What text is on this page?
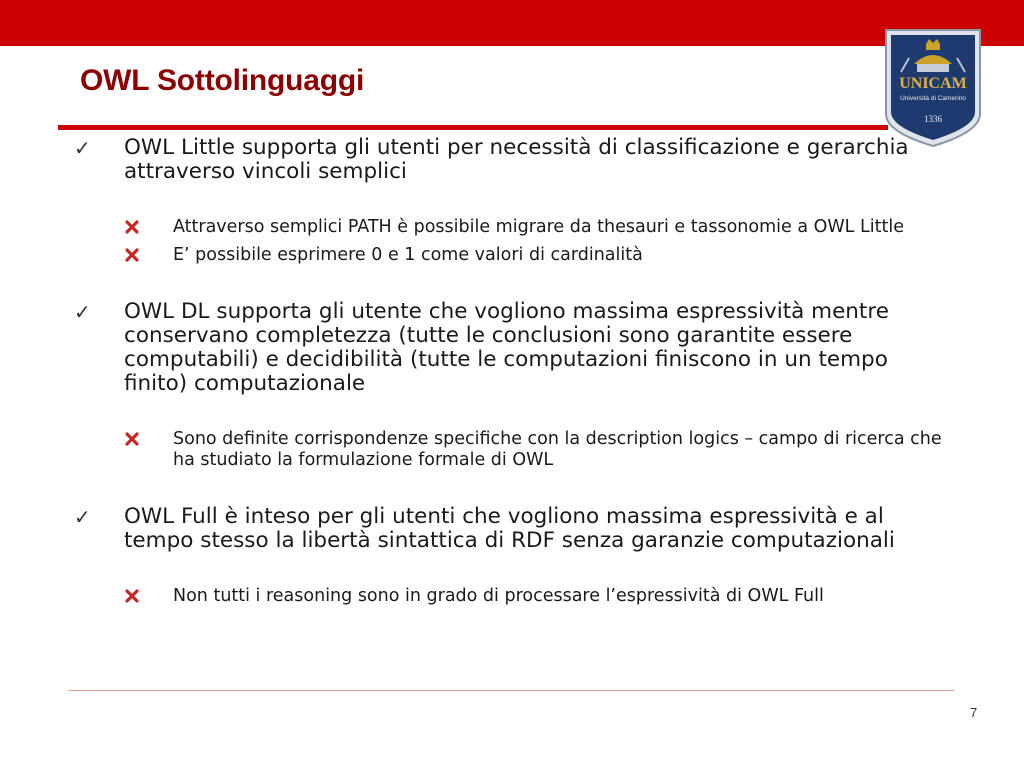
OWL Sottolinguaggi	UNICAM
Università di Camerino
1336
✓ OWL Little supporta gli utenti per necessità di classificazione e gerarchia attraverso vincoli semplici
Attraverso semplici PATH è possibile migrare da thesauri e tassonomie a OWL Little
E’ possibile esprimere 0 e 1 come valori di cardinalità
✓ OWL DL supporta gli utente che vogliono massima espressività mentre conservano completezza (tutte le conclusioni sono garantite essere computabili) e decidibilità (tutte le computazioni finiscono in un tempo finito) computazionale
Sono definite corrispondenze specifiche con la description logics – campo di ricerca che ha studiato la formulazione formale di OWL
✓ OWL Full è inteso per gli utenti che vogliono massima espressività e al tempo stesso la libertà sintattica di RDF senza garanzie computazionali
Non tutti i reasoning sono in grado di processare l’espressività di OWL Full
7
